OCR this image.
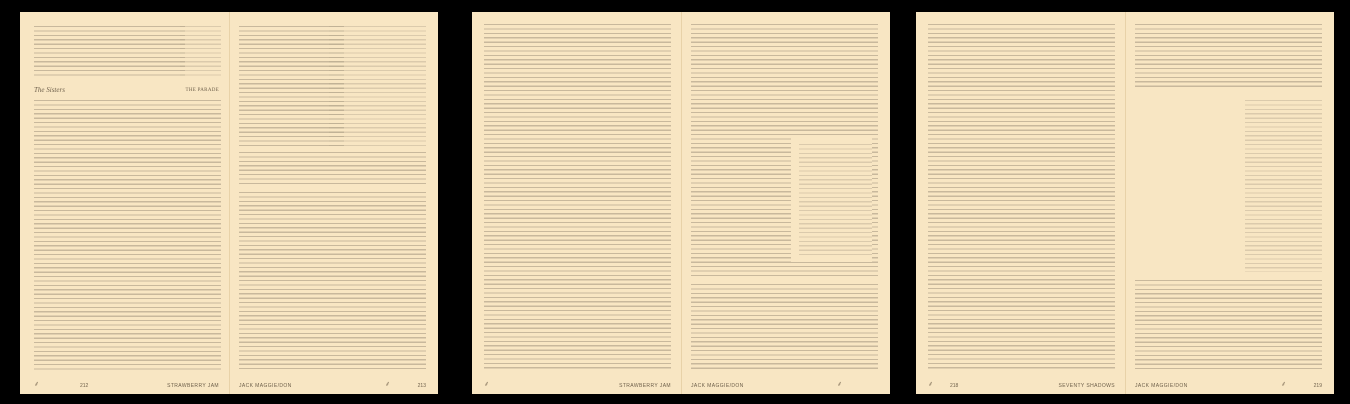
The Sisters	THE PARADE
⸙	212	STRAWBERRY JAM	JACK MAGGIE/DON	⸙	213	⸙	STRAWBERRY JAM	JACK MAGGIE/DON	⸙	⸙	218	SEVENTY SHADOWS	JACK MAGGIE/DON	⸙	219
